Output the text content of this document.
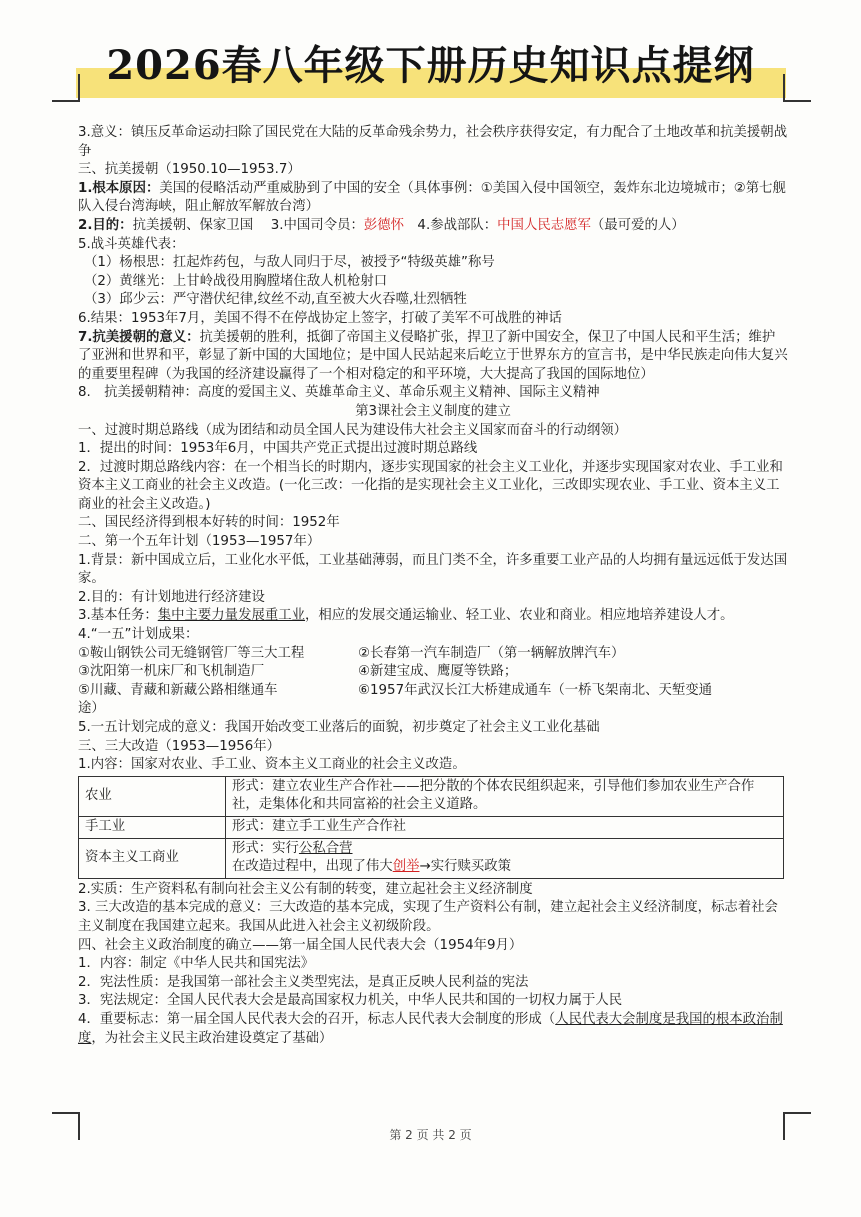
2026春八年级下册历史知识点提纲

3.意义：镇压反革命运动扫除了国民党在大陆的反革命残余势力，社会秩序获得安定，有力配合了土地改革和抗美援朝战争

三、抗美援朝（1950.10—1953.7）

1.根本原因：美国的侵略活动严重威胁到了中国的安全（具体事例：①美国入侵中国领空，轰炸东北边境城市；②第七舰队入侵台湾海峡，阻止解放军解放台湾）

2.目的：抗美援朝、保家卫国　 3.中国司令员：彭德怀　4.参战部队：中国人民志愿军（最可爱的人）

5.战斗英雄代表：

（1）杨根思：扛起炸药包，与敌人同归于尽，被授予“特级英雄”称号

（2）黄继光：上甘岭战役用胸膛堵住敌人机枪射口

（3）邱少云：严守潜伏纪律,纹丝不动,直至被大火吞噬,壮烈牺牲

6.结果：1953年7月，美国不得不在停战协定上签字，打破了美军不可战胜的神话

7.抗美援朝的意义：抗美援朝的胜利，抵御了帝国主义侵略扩张，捍卫了新中国安全，保卫了中国人民和平生活；维护了亚洲和世界和平，彰显了新中国的大国地位；是中国人民站起来后屹立于世界东方的宣言书，是中华民族走向伟大复兴的重要里程碑（为我国的经济建设赢得了一个相对稳定的和平环境，大大提高了我国的国际地位）

8.　抗美援朝精神：高度的爱国主义、英雄革命主义、革命乐观主义精神、国际主义精神

第3课社会主义制度的建立

一、过渡时期总路线（成为团结和动员全国人民为建设伟大社会主义国家而奋斗的行动纲领）

1．提出的时间：1953年6月，中国共产党正式提出过渡时期总路线

2．过渡时期总路线内容：在一个相当长的时期内，逐步实现国家的社会主义工业化，并逐步实现国家对农业、手工业和资本主义工商业的社会主义改造。(一化三改：一化指的是实现社会主义工业化，三改即实现农业、手工业、资本主义工商业的社会主义改造。)

二、国民经济得到根本好转的时间：1952年

二、第一个五年计划（1953—1957年）

1.背景：新中国成立后，工业化水平低，工业基础薄弱，而且门类不全，许多重要工业产品的人均拥有量远远低于发达国家。

2.目的：有计划地进行经济建设

3.基本任务：集中主要力量发展重工业，相应的发展交通运输业、轻工业、农业和商业。相应地培养建设人才。

4.“一五”计划成果：

①鞍山钢铁公司无缝钢管厂等三大工程	②长春第一汽车制造厂（第一辆解放牌汽车）
③沈阳第一机床厂和飞机制造厂	④新建宝成、鹰厦等铁路；
⑤川藏、青藏和新藏公路相继通车	⑥1957年武汉长江大桥建成通车（一桥飞架南北、天堑变通

途）

5.一五计划完成的意义：我国开始改变工业落后的面貌，初步奠定了社会主义工业化基础

三、三大改造（1953—1956年）

1.内容：国家对农业、手工业、资本主义工商业的社会主义改造。

农业	形式：建立农业生产合作社——把分散的个体农民组织起来，引导他们参加农业生产合作社，走集体化和共同富裕的社会主义道路。
手工业	形式：建立手工业生产合作社
资本主义工商业	形式：实行公私合营
在改造过程中，出现了伟大创举→实行赎买政策

2.实质：生产资料私有制向社会主义公有制的转变，建立起社会主义经济制度

3. 三大改造的基本完成的意义：三大改造的基本完成，实现了生产资料公有制，建立起社会主义经济制度，标志着社会主义制度在我国建立起来。我国从此进入社会主义初级阶段。

四、社会主义政治制度的确立——第一届全国人民代表大会（1954年9月）

1．内容：制定《中华人民共和国宪法》

2．宪法性质：是我国第一部社会主义类型宪法，是真正反映人民利益的宪法

3．宪法规定：全国人民代表大会是最高国家权力机关，中华人民共和国的一切权力属于人民

4．重要标志：第一届全国人民代表大会的召开，标志人民代表大会制度的形成（人民代表大会制度是我国的根本政治制度，为社会主义民主政治建设奠定了基础）

第 2 页 共 2 页
